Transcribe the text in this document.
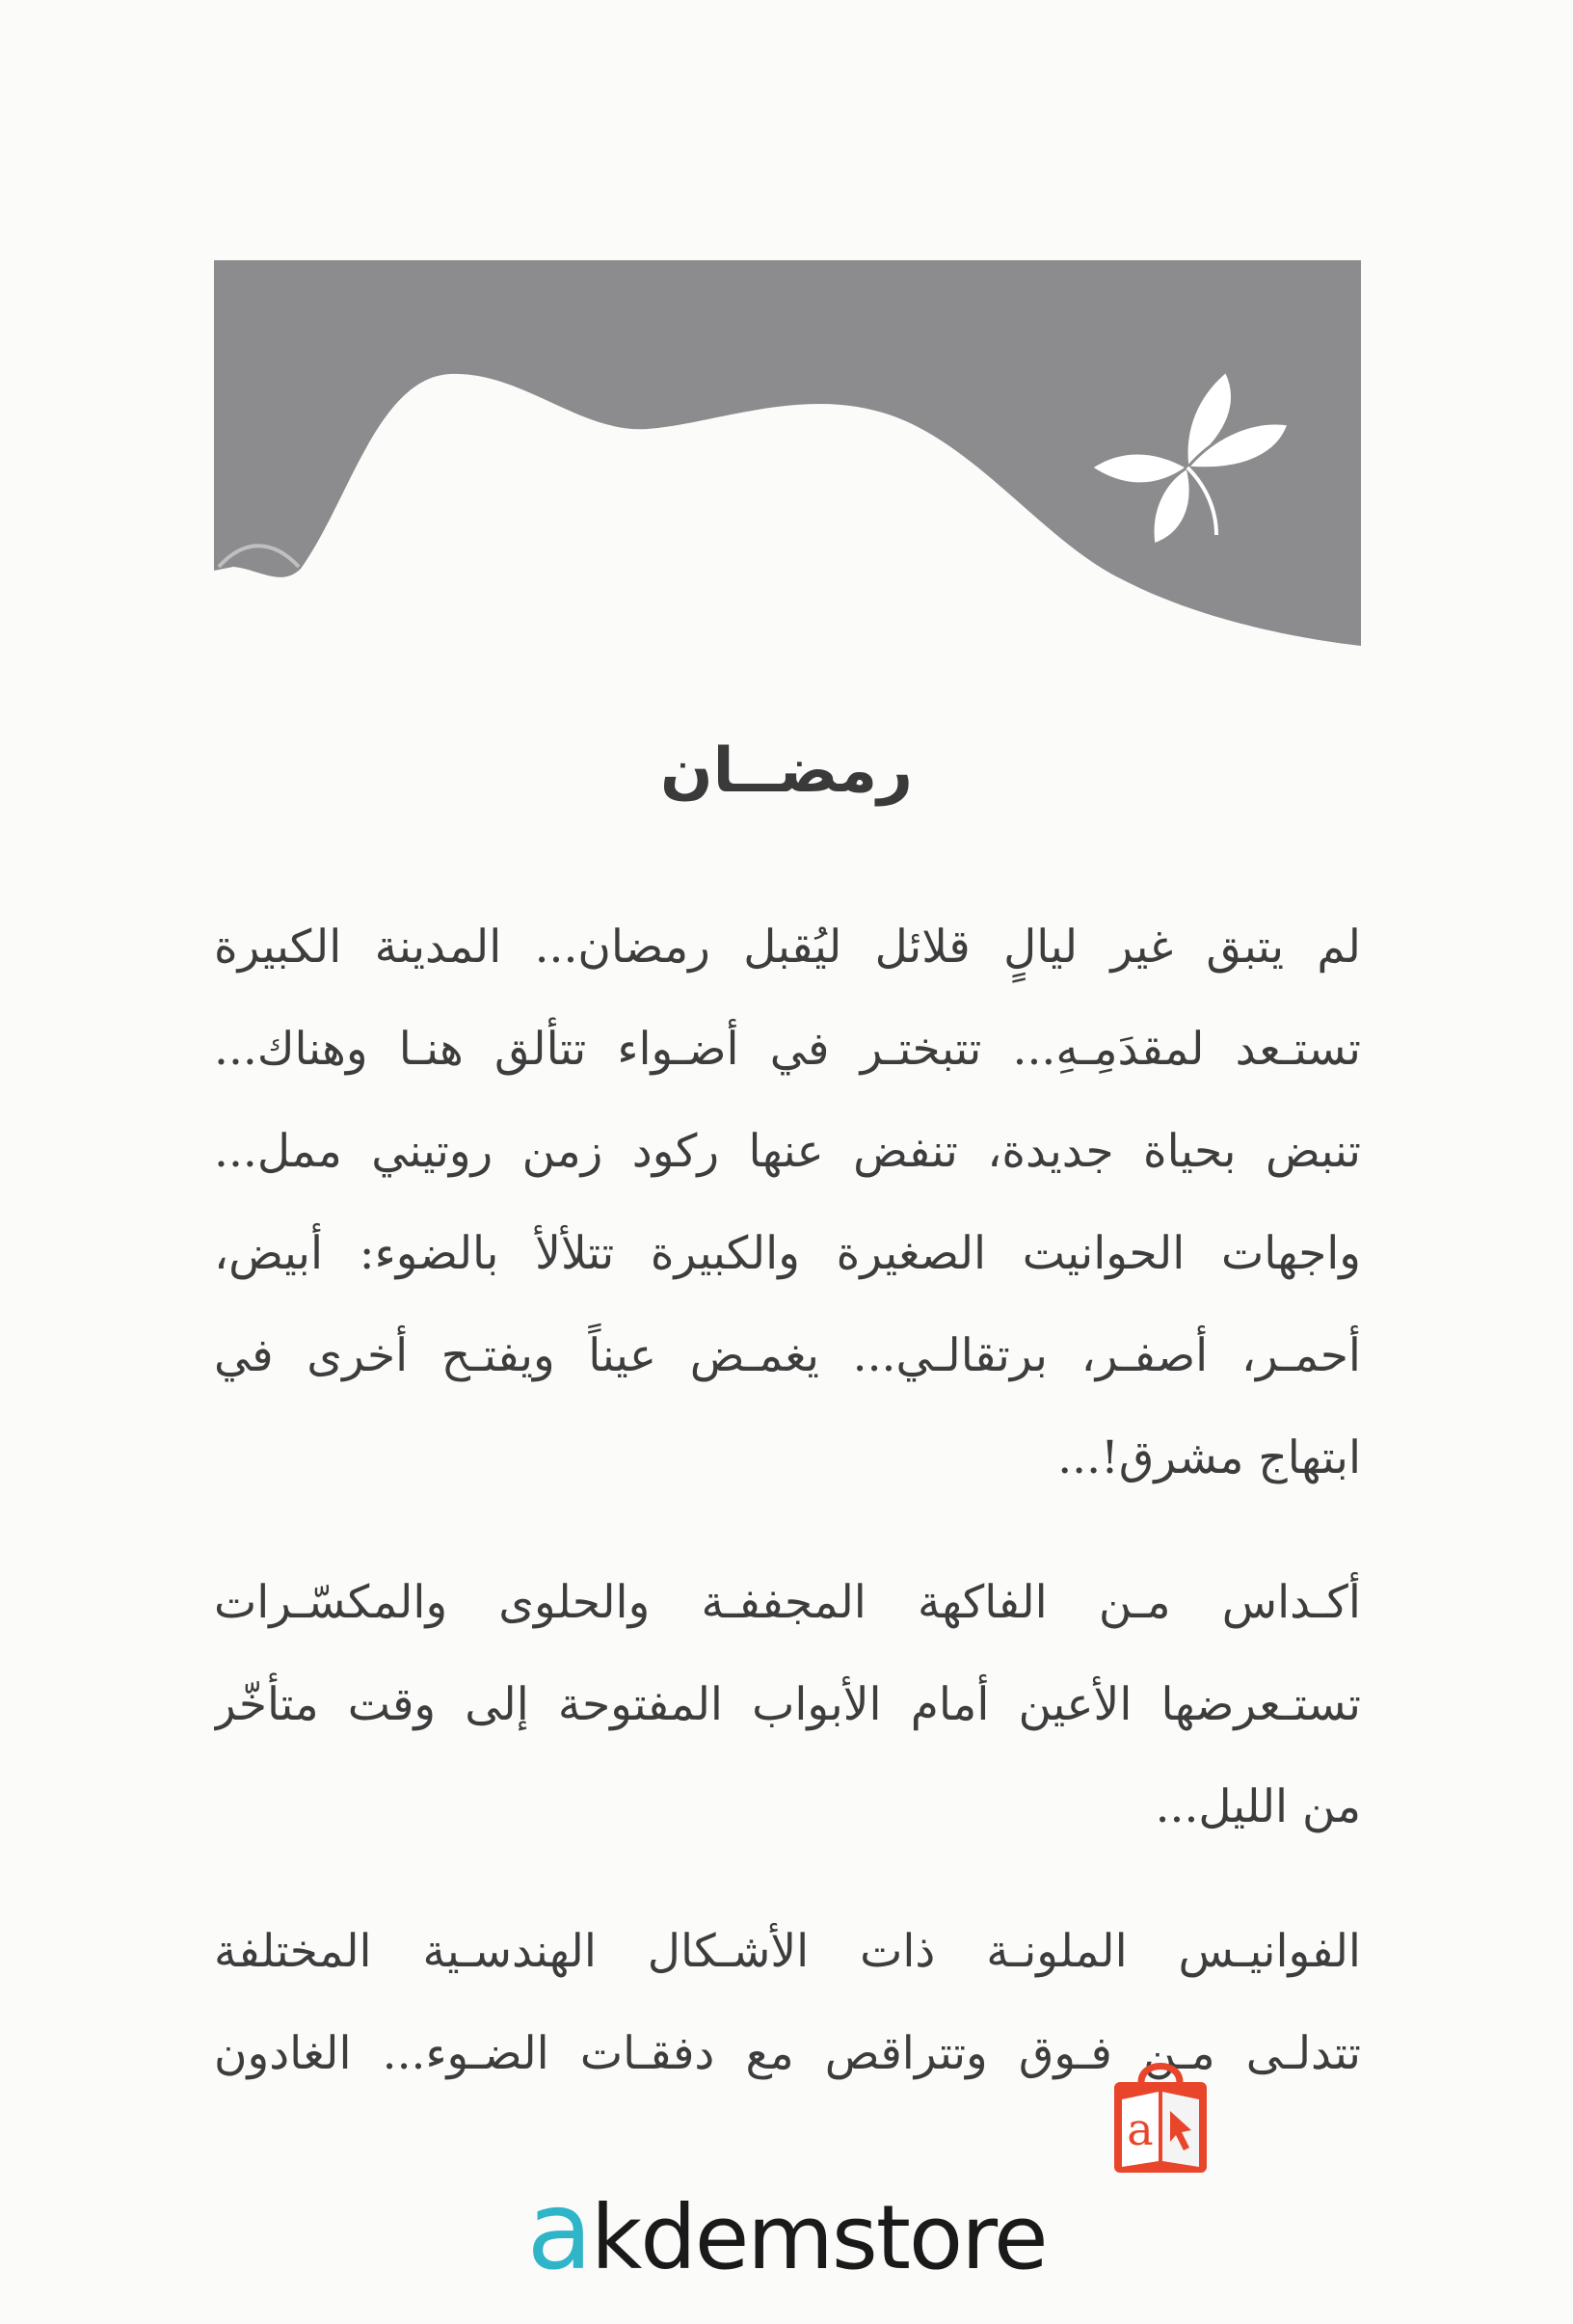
رمضــان

لم يتبق غير ليالٍ قلائل ليُقبل رمضان... المدينة الكبيرة
تستـعد لمقدَمِـهِ... تتبختـر في أضـواء تتألق هنـا وهناك...
تنبض بحياة جديدة، تنفض عنها ركود زمن روتيني ممل...
واجهات الحوانيت الصغيرة والكبيرة تتلألأ بالضوء: أبيض،
أحمـر، أصفـر، برتقالـي... يغمـض عيناً ويفتـح أخرى في
ابتهاج مشرق!...

أكـداس مـن الفاكهة المجففـة والحلوى والمكسّـرات
تستـعرضها الأعين أمام الأبواب المفتوحة إلى وقت متأخّر
من الليل...

الفوانيـس الملونـة ذات الأشـكال الهندسـية المختلفة
تتدلـى مـن فـوق وتتراقص مع دفقـات الضـوء... الغادون

a
akdemstore
